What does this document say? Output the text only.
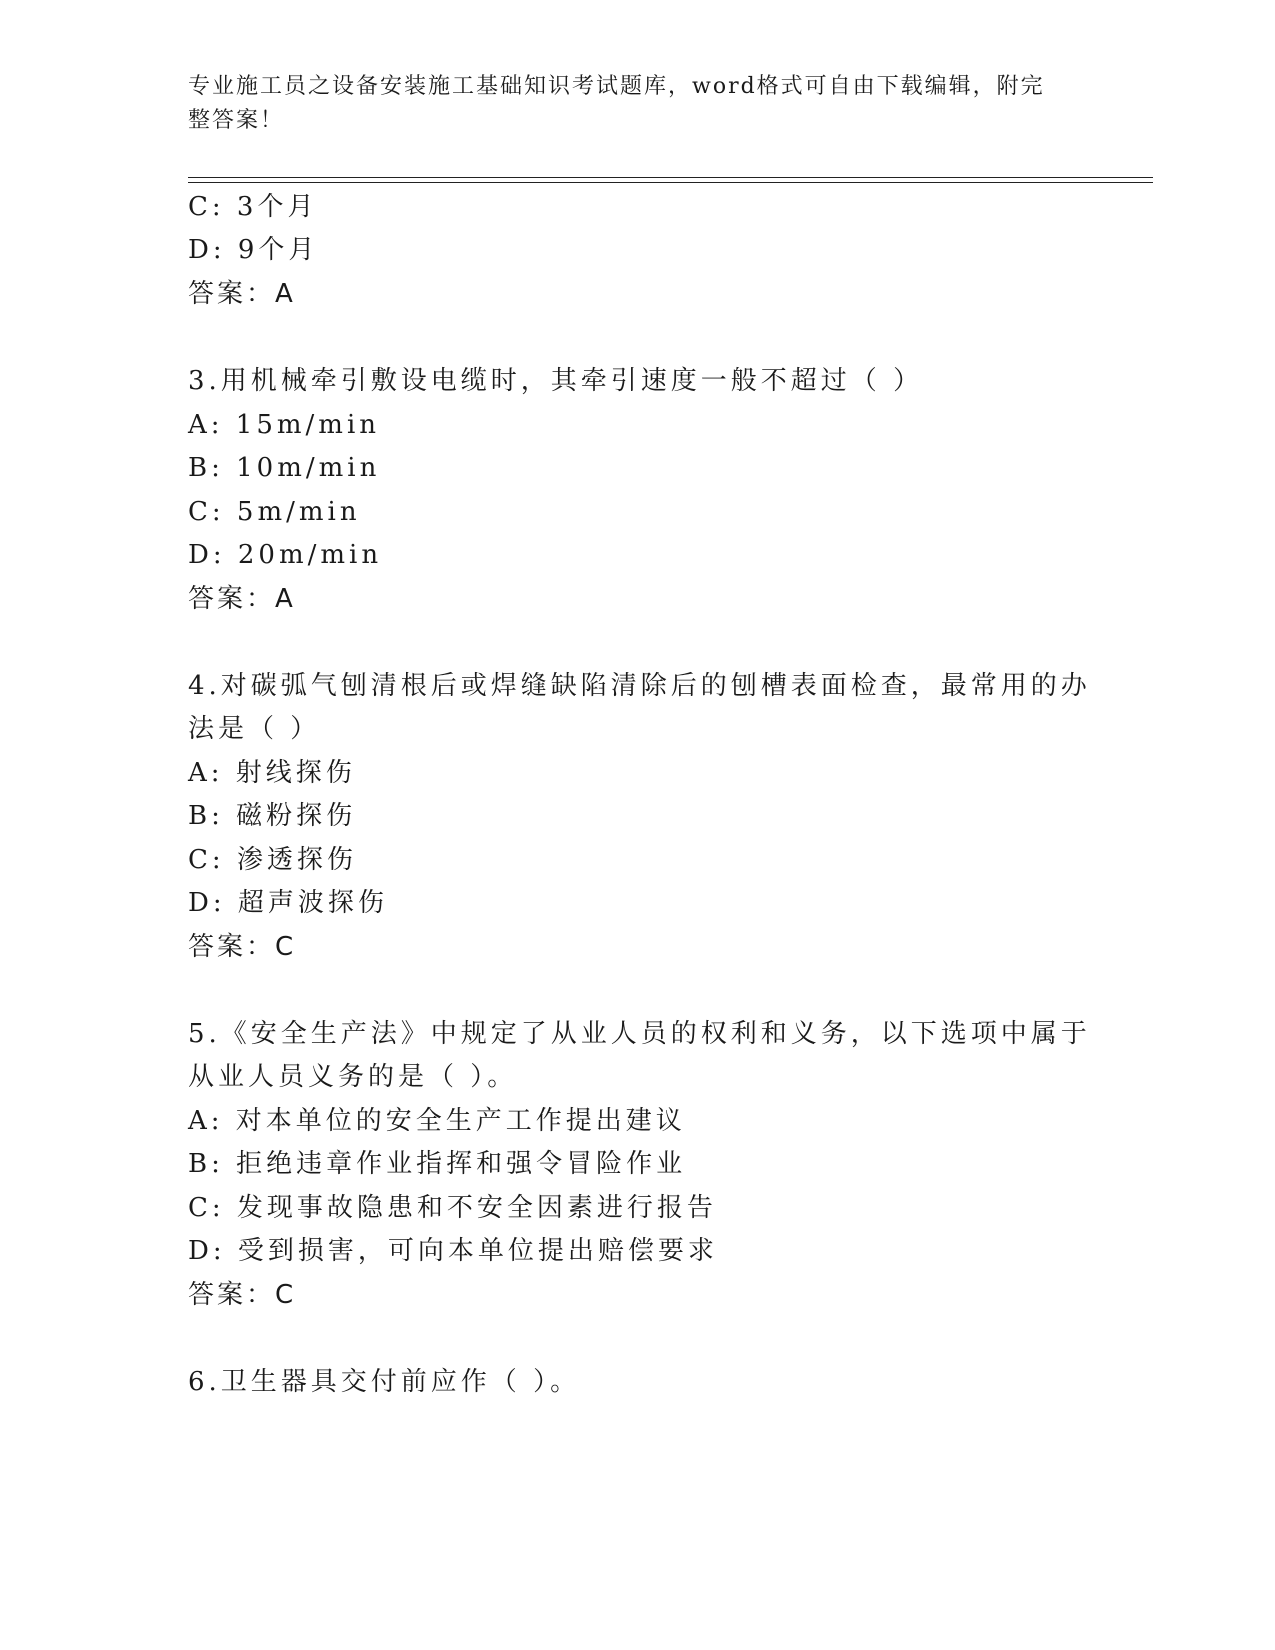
专业施工员之设备安装施工基础知识考试题库，word格式可自由下载编辑，附完整答案！
C: 3个月
D: 9个月
答案：A
3.用机械牵引敷设电缆时，其牵引速度一般不超过（ ）
A: 15m/min
B: 10m/min
C: 5m/min
D: 20m/min
答案：A
4.对碳弧气刨清根后或焊缝缺陷清除后的刨槽表面检查，最常用的办
法是（ ）
A: 射线探伤
B: 磁粉探伤
C: 渗透探伤
D: 超声波探伤
答案：C
5.《安全生产法》中规定了从业人员的权利和义务，以下选项中属于
从业人员义务的是（ ）。
A: 对本单位的安全生产工作提出建议
B: 拒绝违章作业指挥和强令冒险作业
C: 发现事故隐患和不安全因素进行报告
D: 受到损害，可向本单位提出赔偿要求
答案：C
6.卫生器具交付前应作（ ）。
